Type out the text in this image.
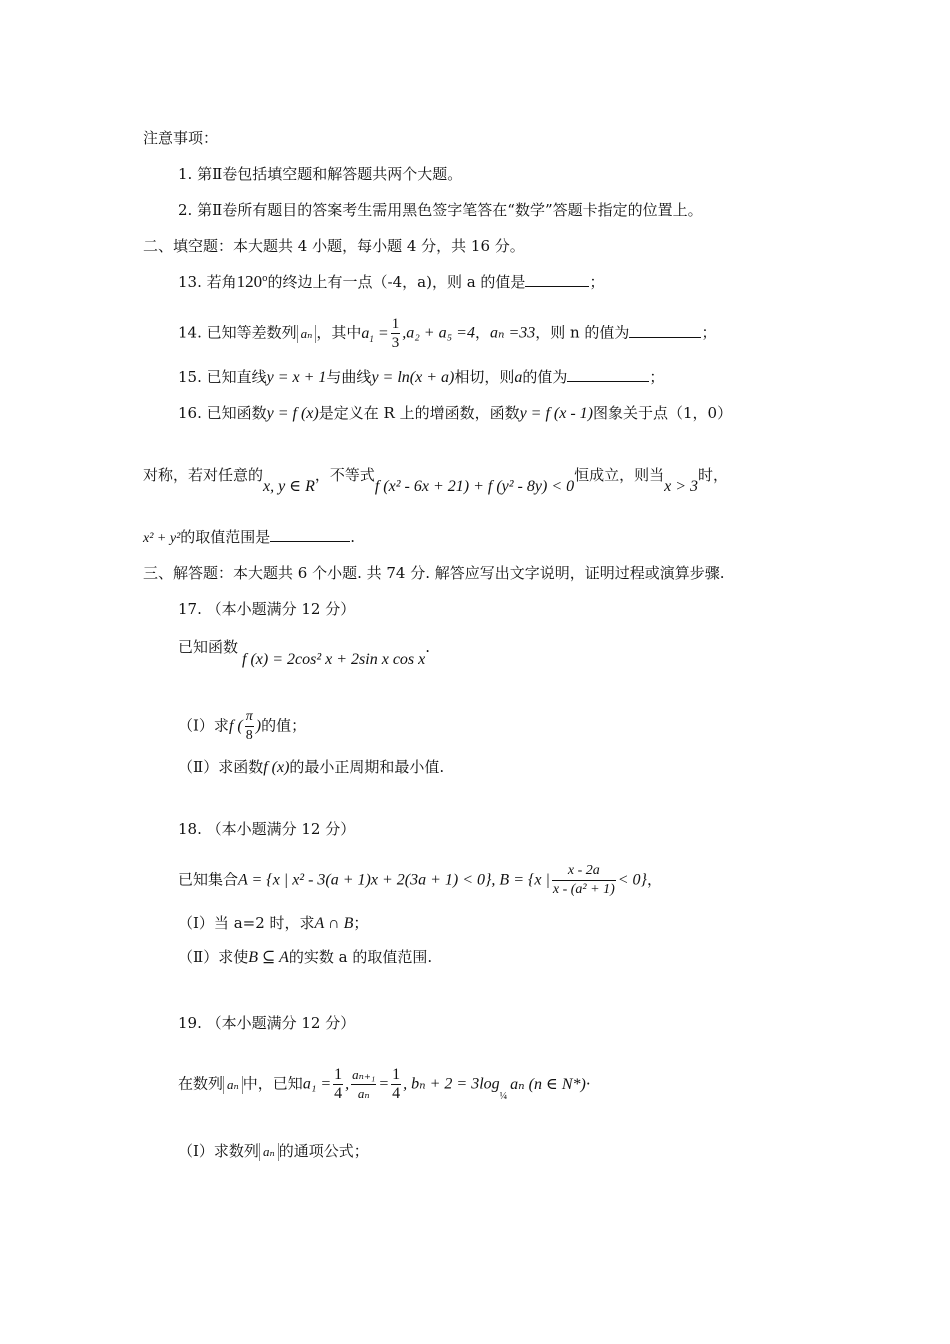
注意事项：
1. 第Ⅱ卷包括填空题和解答题共两个大题。
2. 第Ⅱ卷所有题目的答案考生需用黑色签字笔答在“数学”答题卡指定的位置上。
二、填空题：本大题共 4 小题，每小题 4 分，共 16 分。
13. 若角120$^o$的终边上有一点（-4，a)，则 a 的值是	；
14. 已知等差数列 aₙ ，其中$a_1 = \frac{1}{3} ,a_2 + a_5 =4$，aₙ =33，则 n 的值为	；
15. 已知直线y = x + 1与曲线y = ln(x + a)相切，则a的值为	；
16. 已知函数y = f (x)是定义在 R 上的增函数，函数y = f (x - 1)图象关于点（1，0）
对称，若对任意的x, y ∈ R，不等式f (x² - 6x + 21) + f (y² - 8y) < 0恒成立，则当x > 3时，
x² + y²的取值范围是	.
三、解答题：本大题共 6 个小题. 共 74 分. 解答应写出文字说明，证明过程或演算步骤.
17. （本小题满分 12 分）
已知函数f (x) = 2cos² x + 2sin x cos x·
（Ⅰ）求f ( $\frac{\pi}{8}$ )的值；
（Ⅱ）求函数f (x)的最小正周期和最小值.
18. （本小题满分 12 分）
已知集合A = {x | x² - 3(a + 1)x + 2(3a + 1) < 0}, B = {x | $\frac{x - 2a}{\text{x - (a² + 1)}} < 0$}，
（Ⅰ）当 a=2 时，求A ∩ B；
（Ⅱ）求使B ⊆ A的实数 a 的取值范围.
19. （本小题满分 12 分）
在数列 aₙ 中，已知$a_1 = \frac{1}{4}$ , $\frac{\text{aₙ₊₁}}{\text{aₙ}} = \frac{1}{4}$ , $b_n + 2 = 3\log_{\frac{1}{4}}a_n$ (n ∈ N*)·
（Ⅰ）求数列 aₙ 的通项公式；
